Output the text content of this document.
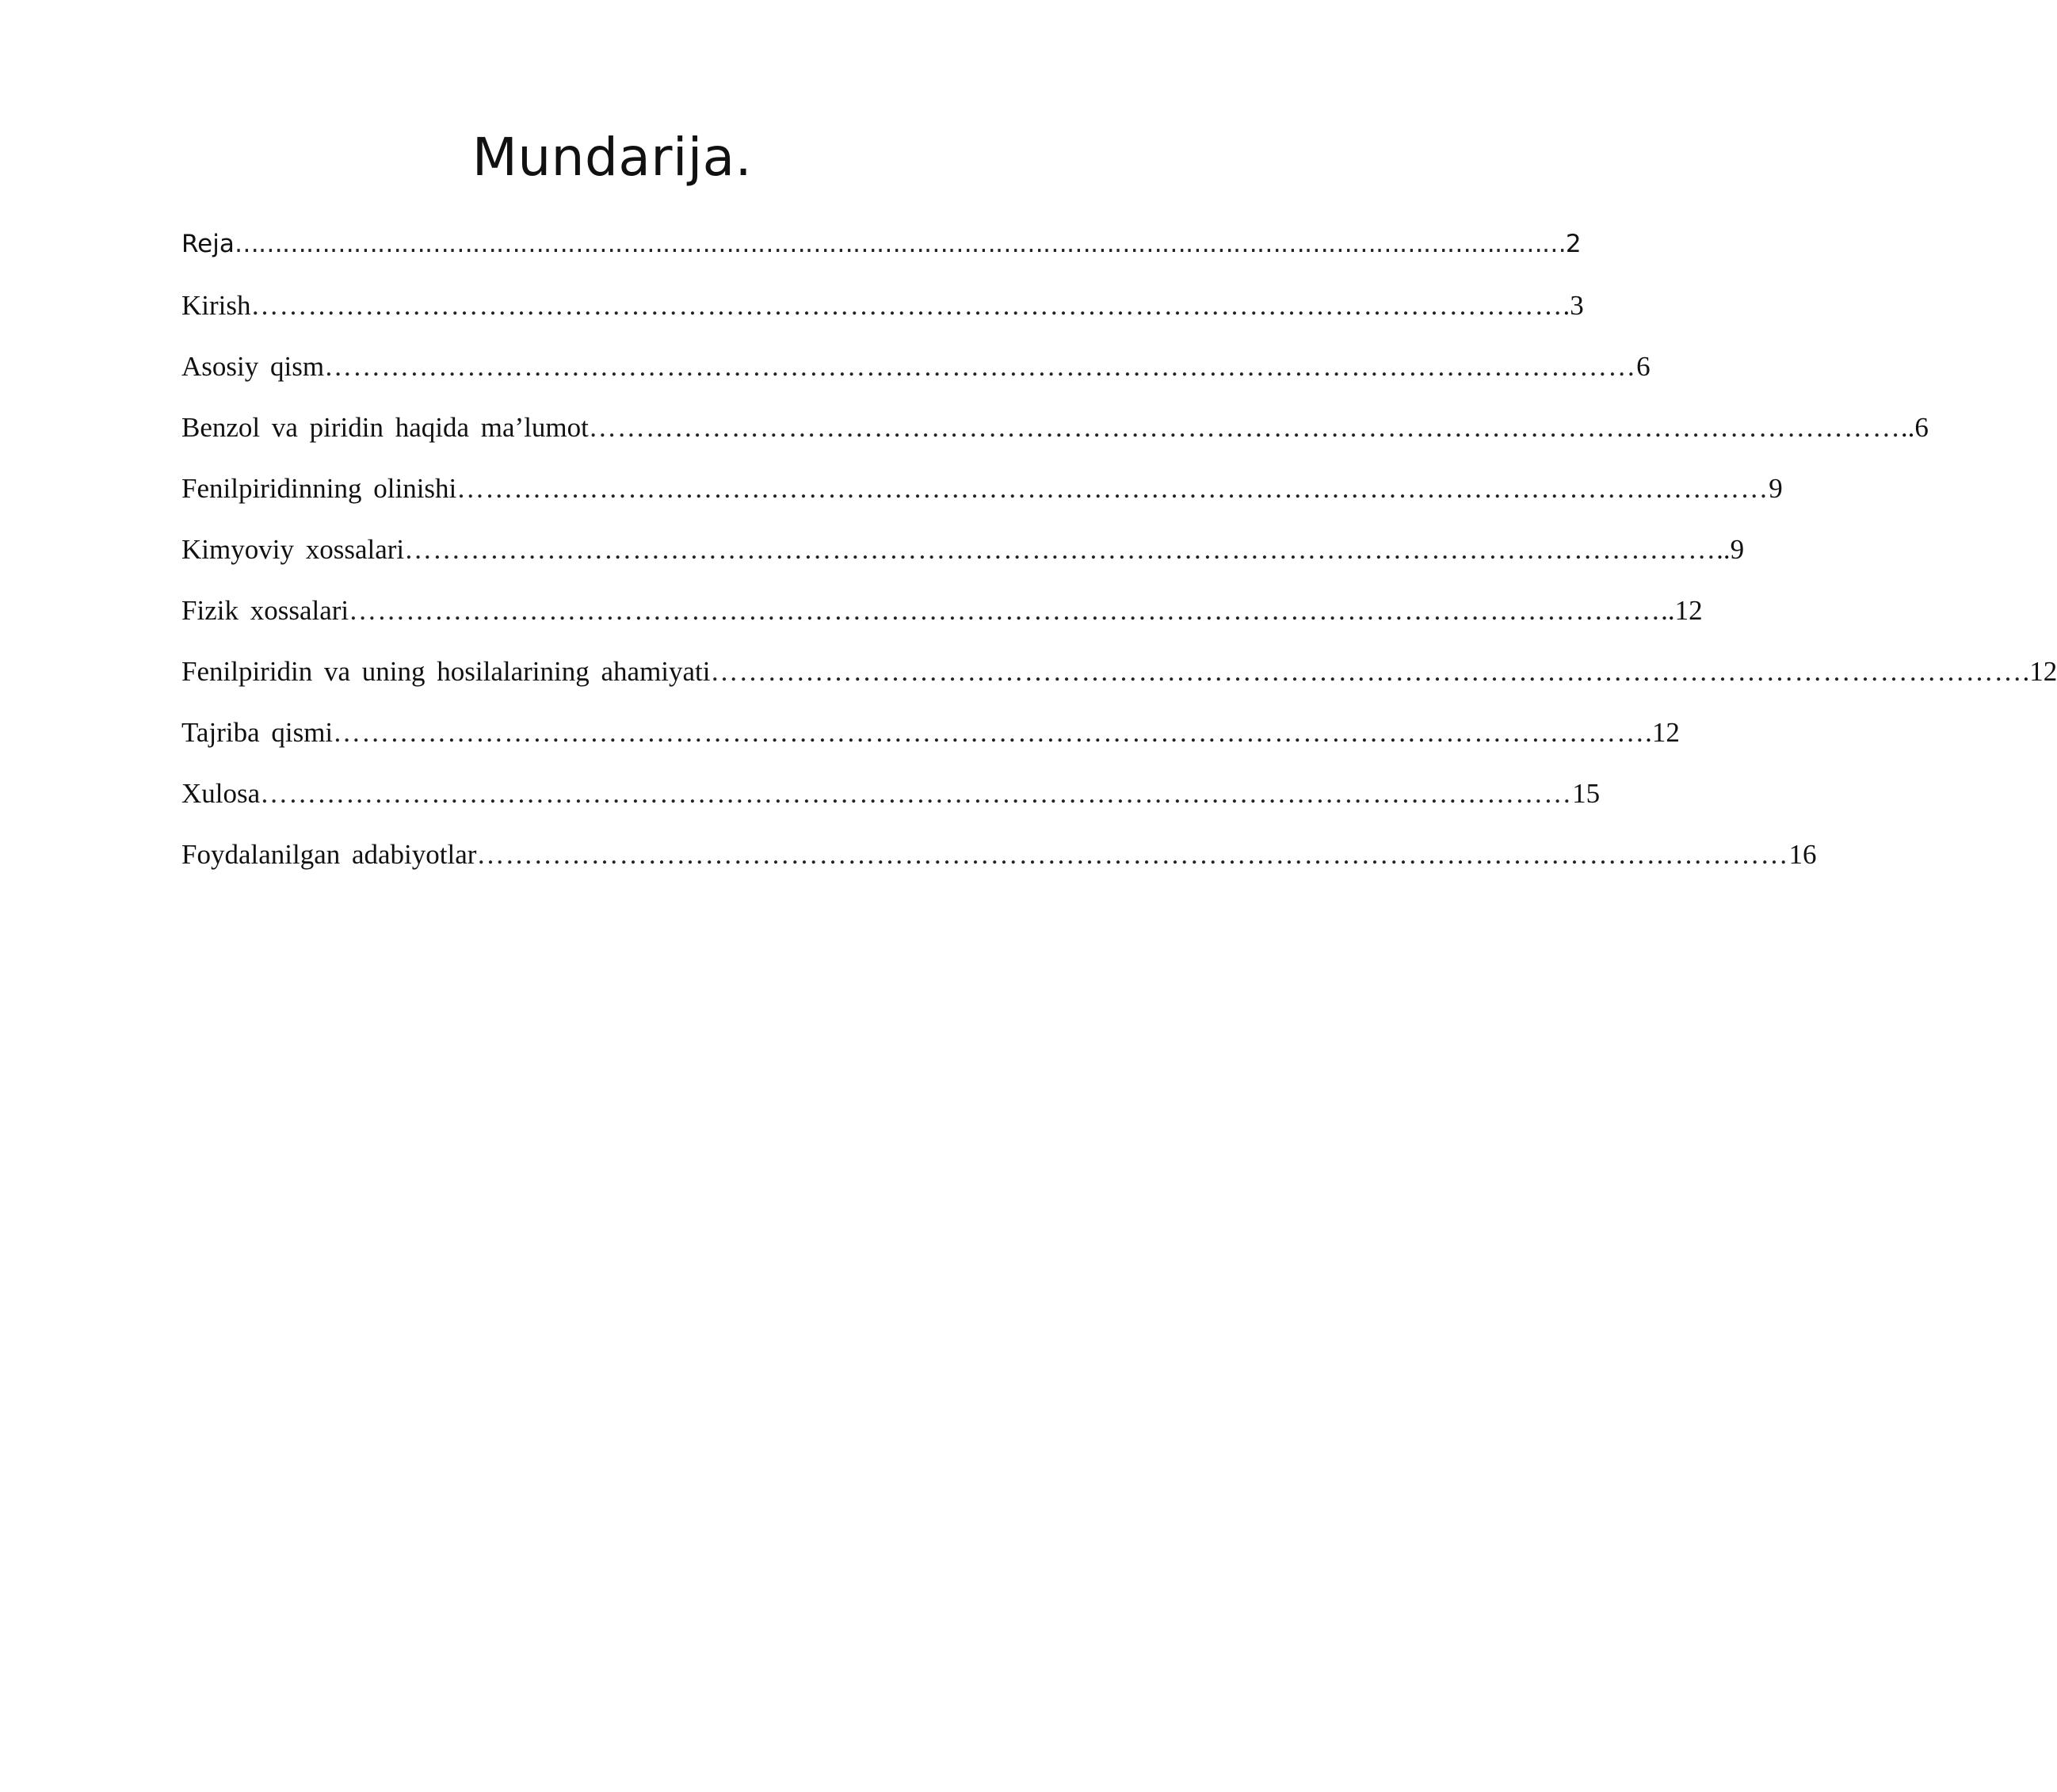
Mundarija.
Reja …………………………………………………………………………………………………………………………………………………… 2
Kirish ………………………………………………………………………………………………………………………… .3
Asosiy qism ………………………………………………………………………………………………………………………… 6
Benzol va piridin haqida ma’lumot ………………………………………………………………………………………………………………………… ..6
Fenilpiridinning olinishi ………………………………………………………………………………………………………………………… 9
Kimyoviy xossalari ………………………………………………………………………………………………………………………… ..9
Fizik xossalari ………………………………………………………………………………………………………………………… ..12
Fenilpiridin va uning hosilalarining ahamiyati ………………………………………………………………………………………………………………………… .12
Tajriba qismi ………………………………………………………………………………………………………………………… .12
Xulosa ………………………………………………………………………………………………………………………… 15
Foydalanilgan adabiyotlar ………………………………………………………………………………………………………………………… 16
